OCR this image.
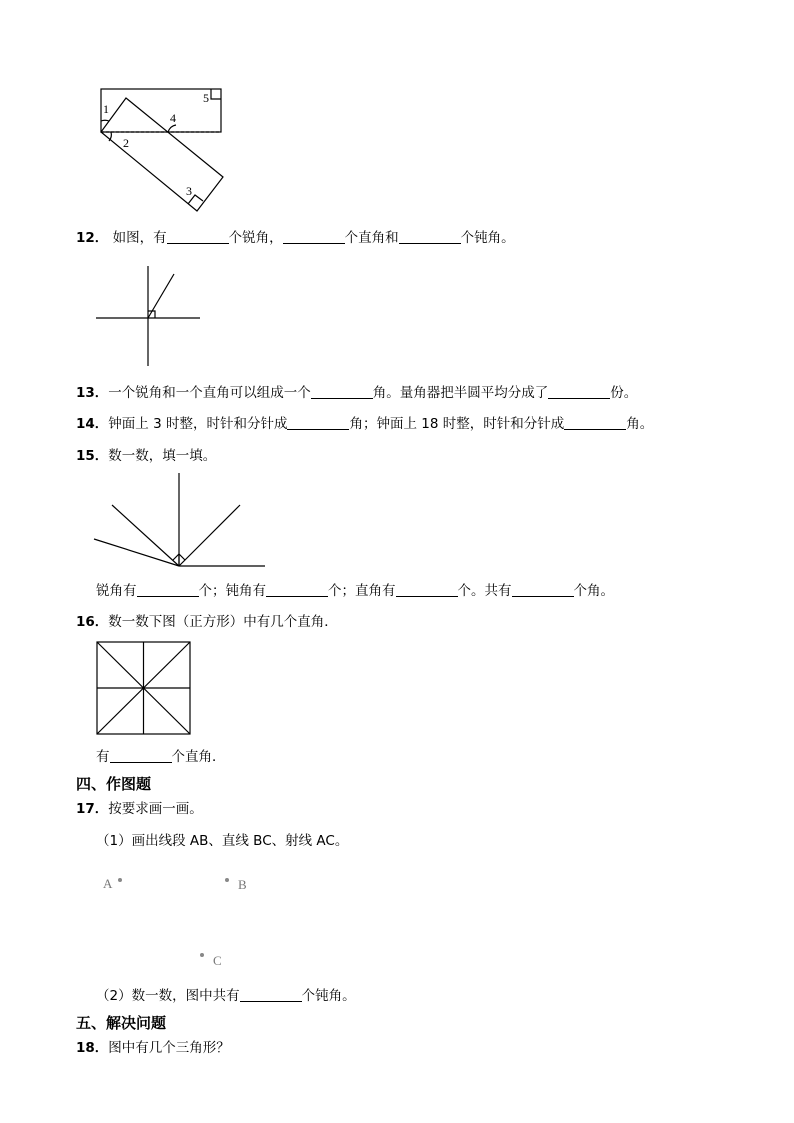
1
2
3
4
5
12． 如图，有	个锐角，	个直角和	个钝角。
13．一个锐角和一个直角可以组成一个	角。量角器把半圆平均分成了	份。
14．钟面上 3 时整，时针和分针成	角；钟面上 18 时整，时针和分针成	角。
15．数一数，填一填。
锐角有	个；钝角有	个；直角有	个。共有	个角。
16．数一数下图（正方形）中有几个直角．
有	个直角．
四、作图题
17．按要求画一画。
（1）画出线段 AB、直线 BC、射线 AC。
A	B
C
（2）数一数，图中共有	个钝角。
五、解决问题
18．图中有几个三角形？
